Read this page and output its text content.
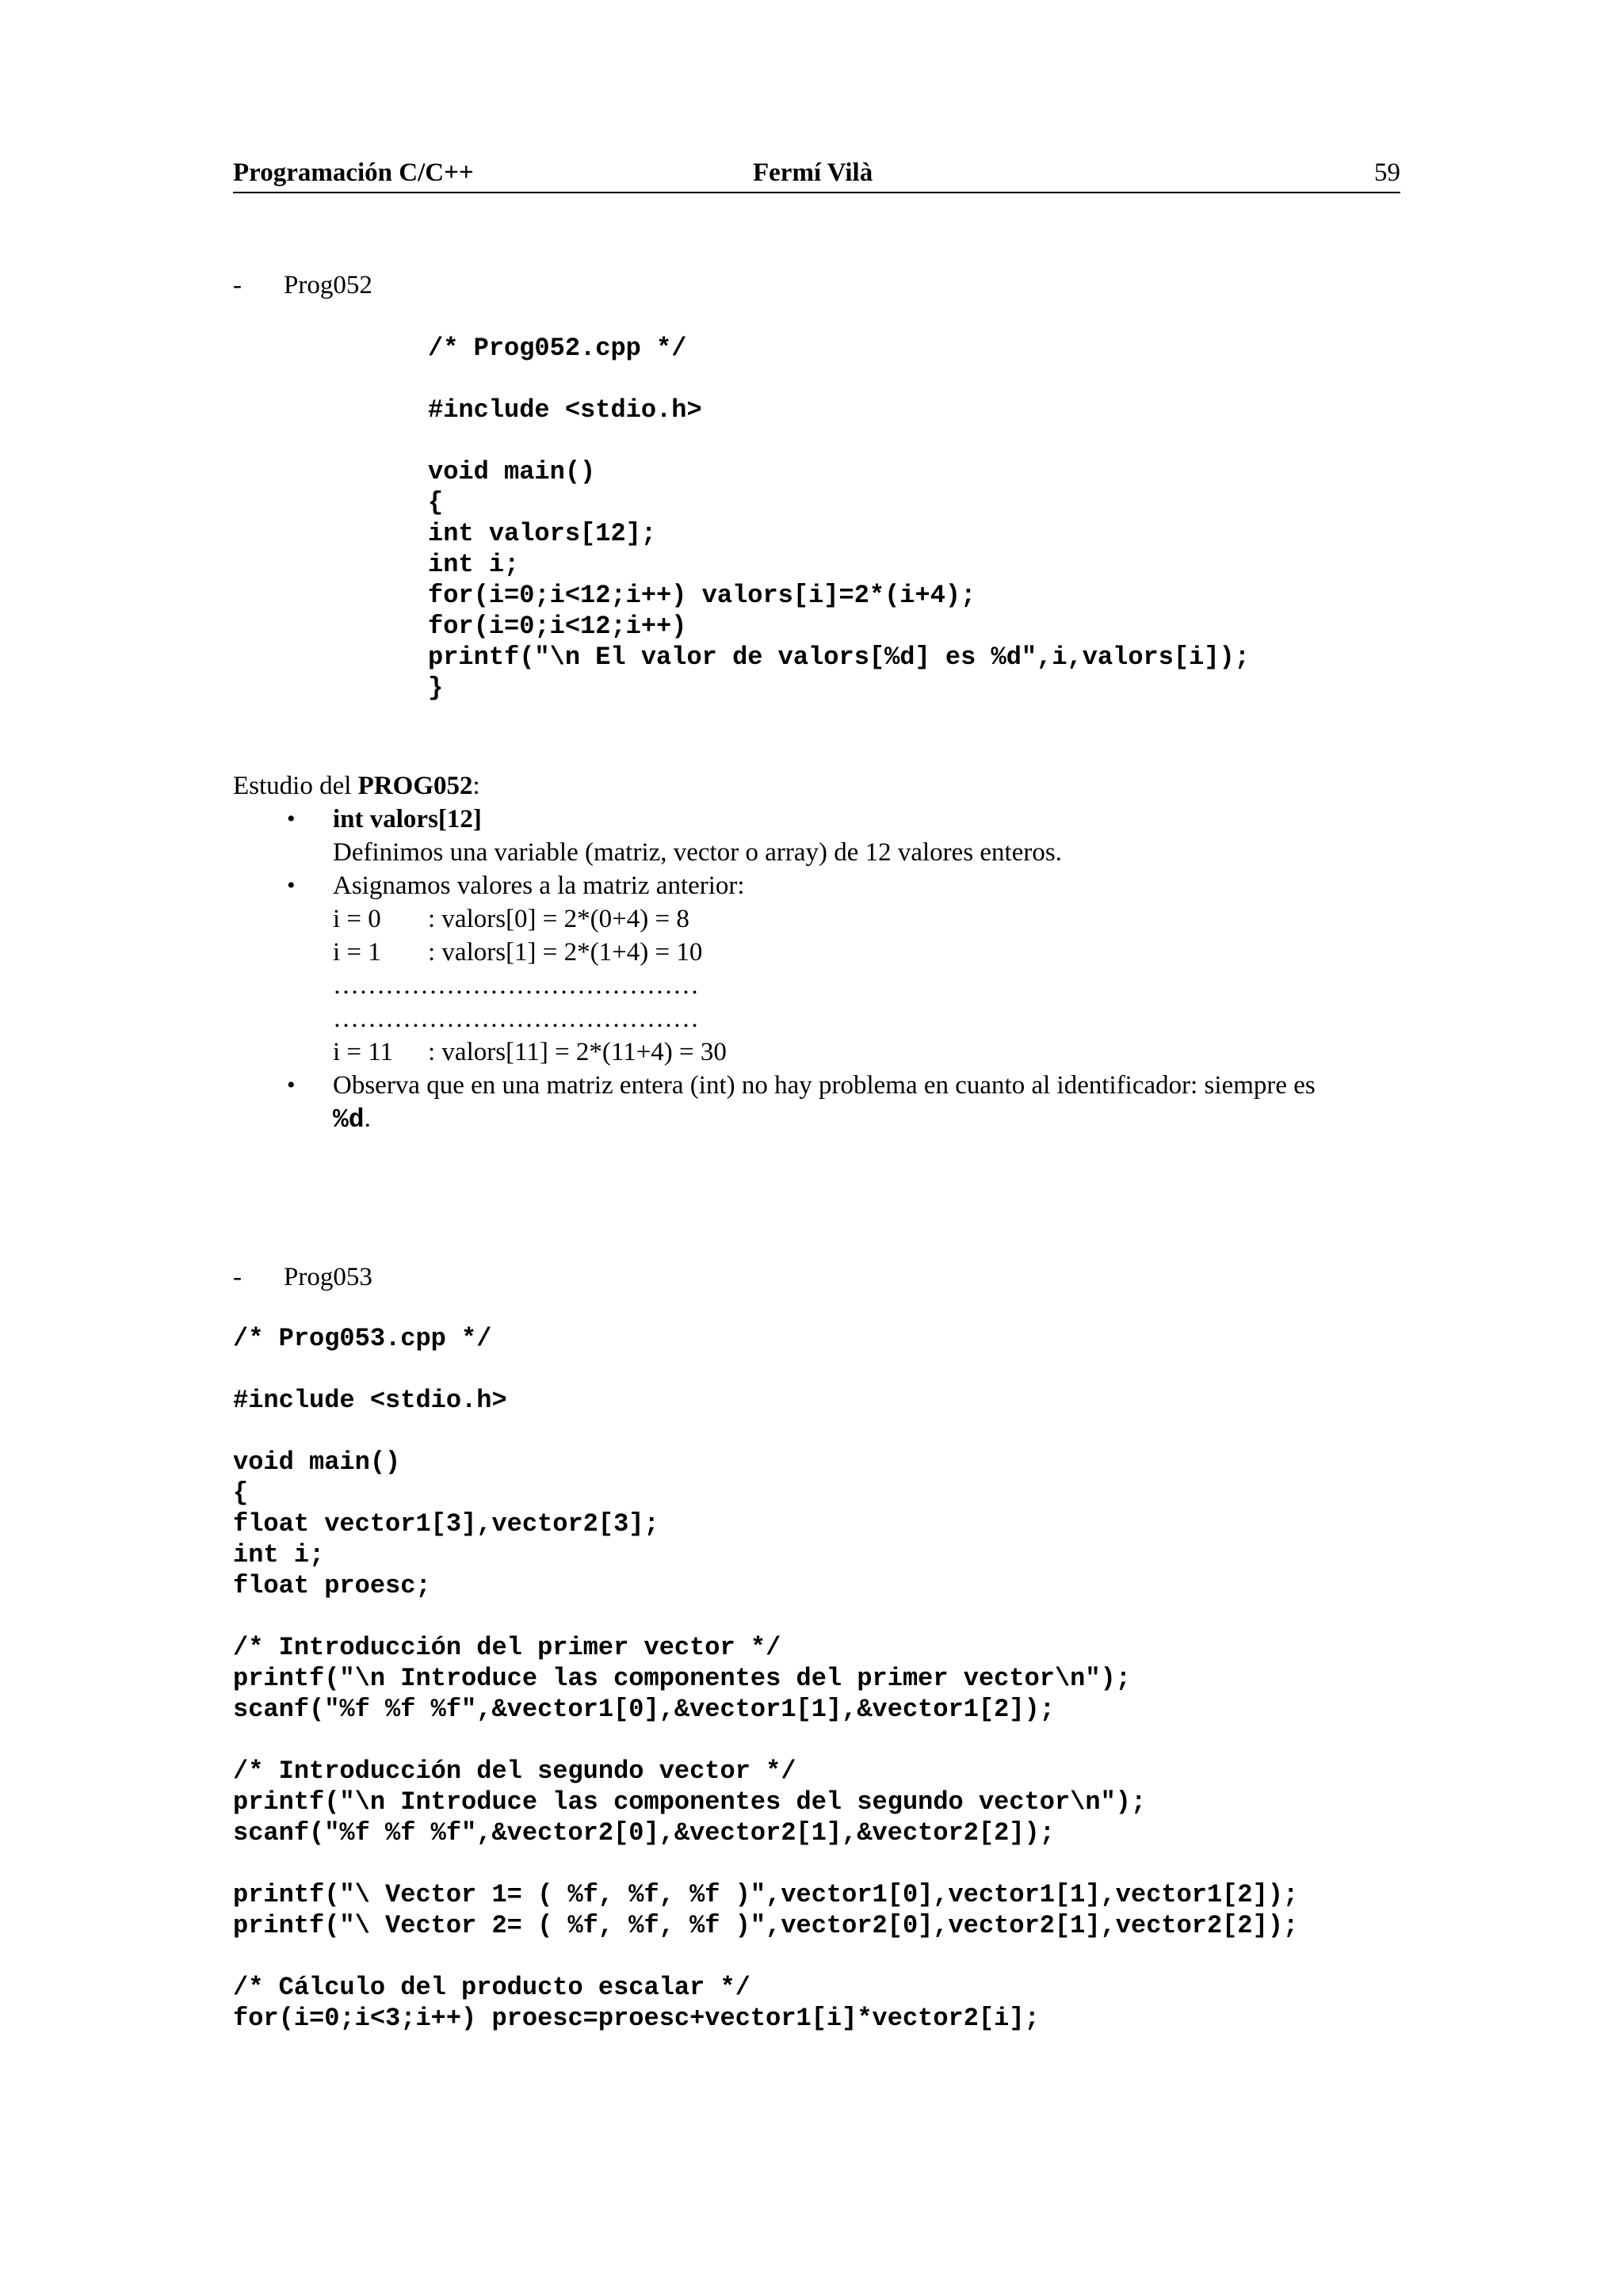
Programación C/C++	Fermí Vilà	59
- Prog052
/* Prog052.cpp */
#include <stdio.h>
void main()
{
int valors[12];
int i;
for(i=0;i<12;i++) valors[i]=2*(i+4);
for(i=0;i<12;i++)
printf("\n El valor de valors[%d] es %d",i,valors[i]);
}
Estudio del PROG052:
• int valors[12]
Definimos una variable (matriz, vector o array) de 12 valores enteros.
• Asignamos valores a la matriz anterior:
i = 0 : valors[0] = 2*(0+4) = 8
i = 1 : valors[1] = 2*(1+4) = 10
……………………………………
……………………………………
i = 11 : valors[11] = 2*(11+4) = 30
• Observa que en una matriz entera (int) no hay problema en cuanto al identificador: siempre es
%d.
- Prog053
/* Prog053.cpp */
#include <stdio.h>
void main()
{
float vector1[3],vector2[3];
int i;
float proesc;
/* Introducción del primer vector */
printf("\n Introduce las componentes del primer vector\n");
scanf("%f %f %f",&vector1[0],&vector1[1],&vector1[2]);
/* Introducción del segundo vector */
printf("\n Introduce las componentes del segundo vector\n");
scanf("%f %f %f",&vector2[0],&vector2[1],&vector2[2]);
printf("\ Vector 1= ( %f, %f, %f )",vector1[0],vector1[1],vector1[2]);
printf("\ Vector 2= ( %f, %f, %f )",vector2[0],vector2[1],vector2[2]);
/* Cálculo del producto escalar */
for(i=0;i<3;i++) proesc=proesc+vector1[i]*vector2[i];
